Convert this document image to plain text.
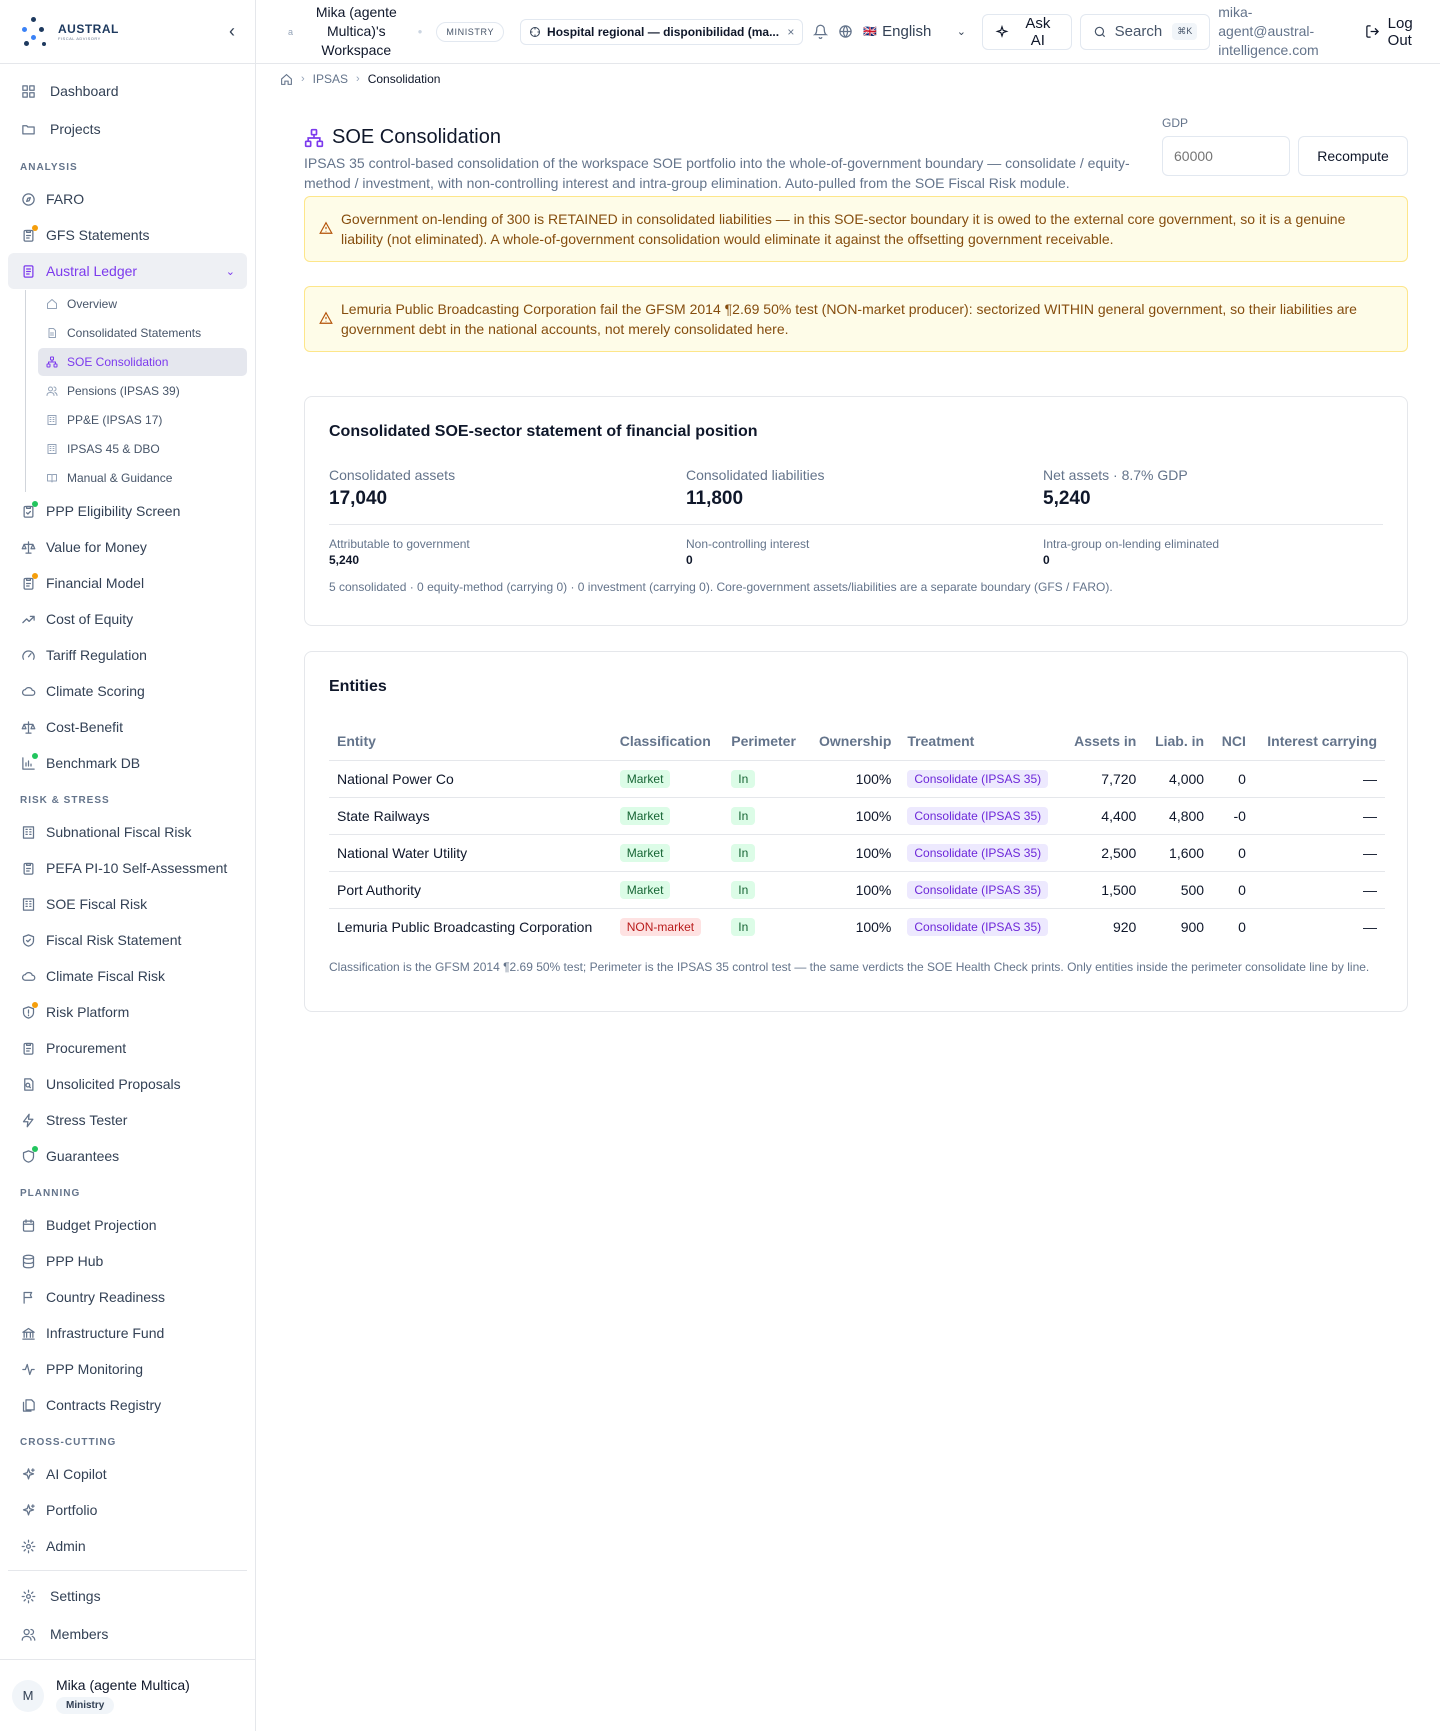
AUSTRAL
FISCAL ADVISORY	‹
Dashboard
Projects
ANALYSIS
FARO
GFS Statements
Austral Ledger	⌄
Overview
Consolidated Statements
SOE Consolidation
Pensions (IPSAS 39)
PP&E (IPSAS 17)
IPSAS 45 & DBO
Manual & Guidance
PPP Eligibility Screen
Value for Money
Financial Model
Cost of Equity
Tariff Regulation
Climate Scoring
Cost-Benefit
Benchmark DB
RISK & STRESS
Subnational Fiscal Risk
PEFA PI-10 Self-Assessment
SOE Fiscal Risk
Fiscal Risk Statement
Climate Fiscal Risk
Risk Platform
Procurement
Unsolicited Proposals
Stress Tester
Guarantees
PLANNING
Budget Projection
PPP Hub
Country Readiness
Infrastructure Fund
PPP Monitoring
Contracts Registry
CROSS-CUTTING
AI Copilot
Portfolio
Admin
Settings
Members
M
Mika (agente Multica)
Ministry
a
Mika (agente Multica)'s Workspace
●	MINISTRY	Hospital regional — disponibilidad (ma... ×	🇬🇧 English ⌄
Ask AI	Search	⌘K
mika-agent@austral-intelligence.com
Log Out
› IPSAS › Consolidation
SOE Consolidation

IPSAS 35 control-based consolidation of the workspace SOE portfolio into the whole-of-government boundary — consolidate / equity-method / investment, with non-controlling interest and intra-group elimination. Auto-pulled from the SOE Fiscal Risk module.

GDP
60000
Recompute
Government on-lending of 300 is RETAINED in consolidated liabilities — in this SOE-sector boundary it is owed to the external core government, so it is a genuine liability (not eliminated). A whole-of-government consolidation would eliminate it against the offsetting government receivable.
Lemuria Public Broadcasting Corporation fail the GFSM 2014 ¶2.69 50% test (NON-market producer): sectorized WITHIN general government, so their liabilities are government debt in the national accounts, not merely consolidated here.
Consolidated SOE-sector statement of financial position
Consolidated assets
17,040
Consolidated liabilities
11,800
Net assets · 8.7% GDP
5,240
Attributable to government
5,240
Non-controlling interest
0
Intra-group on-lending eliminated
0

5 consolidated · 0 equity-method (carrying 0) · 0 investment (carrying 0). Core-government assets/liabilities are a separate boundary (GFS / FARO).

Entities
Entity	Classification	Perimeter	Ownership	Treatment	Assets in	Liab. in	NCI	Interest carrying
National Power Co	Market	In	100%	Consolidate (IPSAS 35)	7,720	4,000	0	—
State Railways	Market	In	100%	Consolidate (IPSAS 35)	4,400	4,800	-0	—
National Water Utility	Market	In	100%	Consolidate (IPSAS 35)	2,500	1,600	0	—
Port Authority	Market	In	100%	Consolidate (IPSAS 35)	1,500	500	0	—
Lemuria Public Broadcasting Corporation	NON-market	In	100%	Consolidate (IPSAS 35)	920	900	0	—

Classification is the GFSM 2014 ¶2.69 50% test; Perimeter is the IPSAS 35 control test — the same verdicts the SOE Health Check prints. Only entities inside the perimeter consolidate line by line.
